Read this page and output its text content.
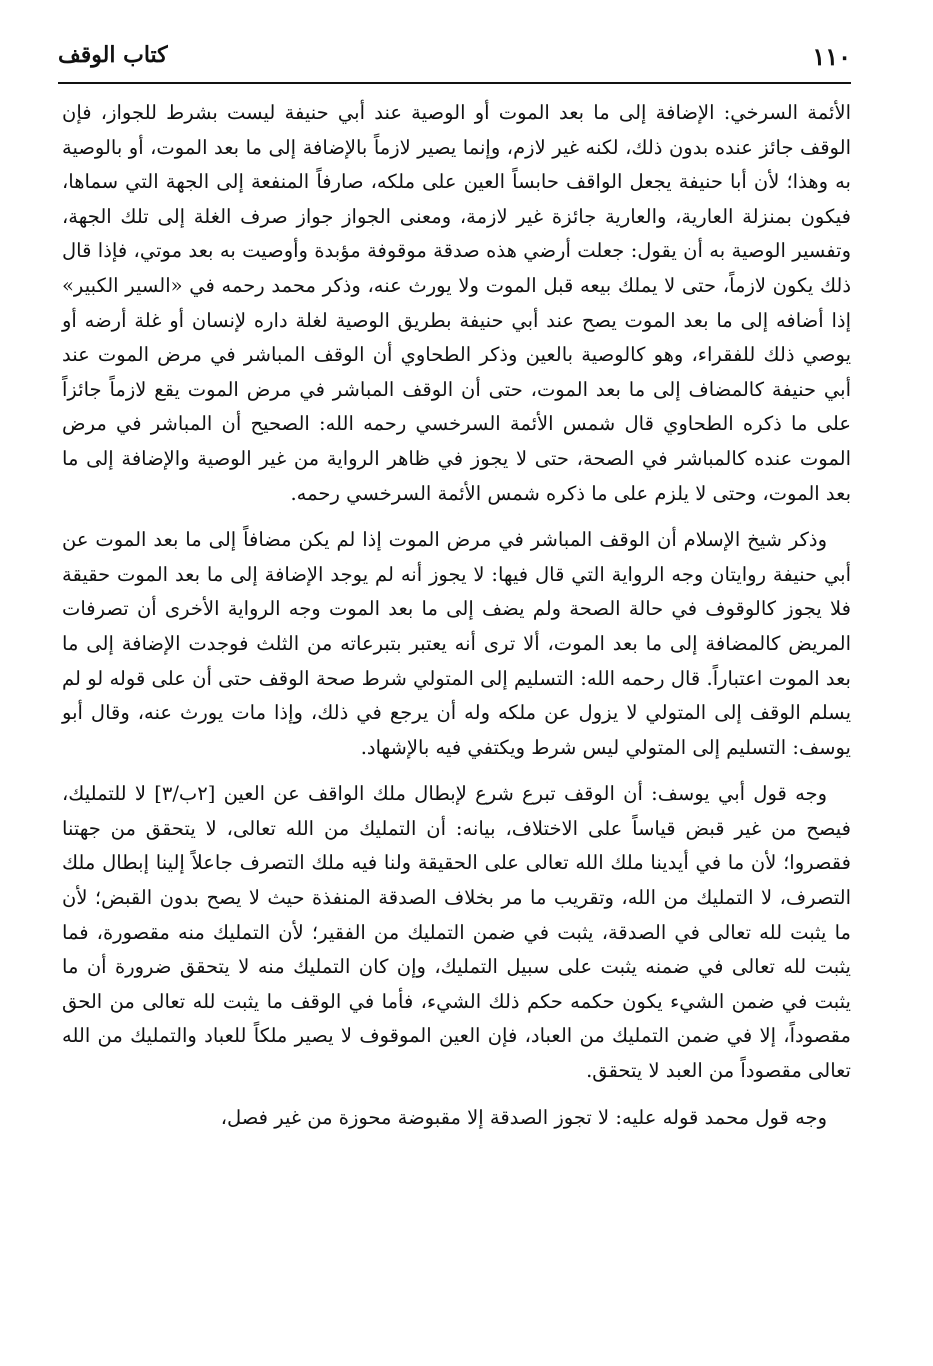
١١٠
كتاب الوقف

الأئمة السرخي: الإضافة إلى ما بعد الموت أو الوصية عند أبي حنيفة ليست بشرط للجواز، فإن الوقف جائز عنده بدون ذلك، لكنه غير لازم، وإنما يصير لازماً بالإضافة إلى ما بعد الموت، أو بالوصية به وهذا؛ لأن أبا حنيفة يجعل الواقف حابساً العين على ملكه، صارفاً المنفعة إلى الجهة التي سماها، فيكون بمنزلة العارية، والعارية جائزة غير لازمة، ومعنى الجواز جواز صرف الغلة إلى تلك الجهة، وتفسير الوصية به أن يقول: جعلت أرضي هذه صدقة موقوفة مؤبدة وأوصيت به بعد موتي، فإذا قال ذلك يكون لازماً، حتى لا يملك بيعه قبل الموت ولا يورث عنه، وذكر محمد رحمه في «السير الكبير» إذا أضافه إلى ما بعد الموت يصح عند أبي حنيفة بطريق الوصية لغلة داره لإنسان أو غلة أرضه أو يوصي ذلك للفقراء، وهو كالوصية بالعين وذكر الطحاوي أن الوقف المباشر في مرض الموت عند أبي حنيفة كالمضاف إلى ما بعد الموت، حتى أن الوقف المباشر في مرض الموت يقع لازماً جائزاً على ما ذكره الطحاوي قال شمس الأئمة السرخسي رحمه الله: الصحيح أن المباشر في مرض الموت عنده كالمباشر في الصحة، حتى لا يجوز في ظاهر الرواية من غير الوصية والإضافة إلى ما بعد الموت، وحتى لا يلزم على ما ذكره شمس الأئمة السرخسي رحمه.

وذكر شيخ الإسلام أن الوقف المباشر في مرض الموت إذا لم يكن مضافاً إلى ما بعد الموت عن أبي حنيفة روايتان وجه الرواية التي قال فيها: لا يجوز أنه لم يوجد الإضافة إلى ما بعد الموت حقيقة فلا يجوز كالوقوف في حالة الصحة ولم يضف إلى ما بعد الموت وجه الرواية الأخرى أن تصرفات المريض كالمضافة إلى ما بعد الموت، ألا ترى أنه يعتبر بتبرعاته من الثلث فوجدت الإضافة إلى ما بعد الموت اعتباراً. قال رحمه الله: التسليم إلى المتولي شرط صحة الوقف حتى أن على قوله لو لم يسلم الوقف إلى المتولي لا يزول عن ملكه وله أن يرجع في ذلك، وإذا مات يورث عنه، وقال أبو يوسف: التسليم إلى المتولي ليس شرط ويكتفي فيه بالإشهاد.

وجه قول أبي يوسف: أن الوقف تبرع شرع لإبطال ملك الواقف عن العين [٢ب/٣] لا للتمليك، فيصح من غير قبض قياساً على الاختلاف، بيانه: أن التمليك من الله تعالى، لا يتحقق من جهتنا فقصروا؛ لأن ما في أيدينا ملك الله تعالى على الحقيقة ولنا فيه ملك التصرف جاعلاً إلينا إبطال ملك التصرف، لا التمليك من الله، وتقريب ما مر بخلاف الصدقة المنفذة حيث لا يصح بدون القبض؛ لأن ما يثبت لله تعالى في الصدقة، يثبت في ضمن التمليك من الفقير؛ لأن التمليك منه مقصورة، فما يثبت لله تعالى في ضمنه يثبت على سبيل التمليك، وإن كان التمليك منه لا يتحقق ضرورة أن ما يثبت في ضمن الشيء يكون حكمه حكم ذلك الشيء، فأما في الوقف ما يثبت لله تعالى من الحق مقصوداً، إلا في ضمن التمليك من العباد، فإن العين الموقوف لا يصير ملكاً للعباد والتمليك من الله تعالى مقصوداً من العبد لا يتحقق.

وجه قول محمد قوله عليه: لا تجوز الصدقة إلا مقبوضة محوزة من غير فصل،
